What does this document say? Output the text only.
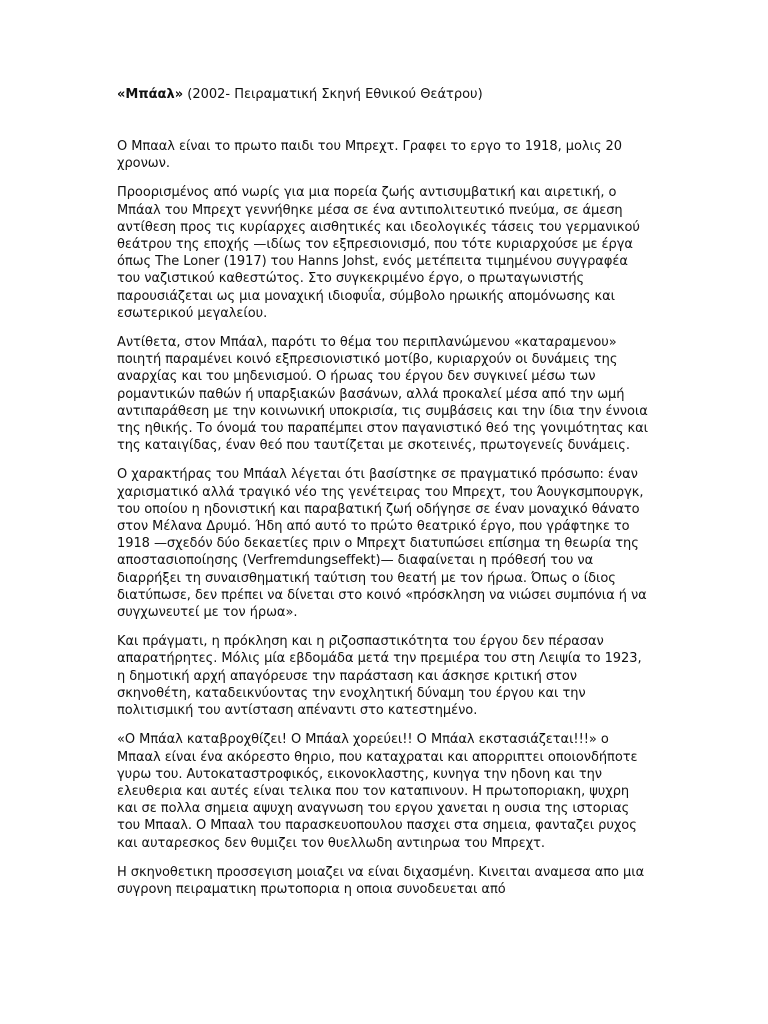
«Μπάαλ» (2002- Πειραματική Σκηνή Εθνικού Θεάτρου)

Ο Μπααλ είναι το πρωτο παιδι του Μπρεχτ. Γραφει το εργο το 1918, μολις 20 χρονων.

Προορισμένος από νωρίς για μια πορεία ζωής αντισυμβατική και αιρετική, ο Μπάαλ του Μπρεχτ γεννήθηκε μέσα σε ένα αντιπολιτευτικό πνεύμα, σε άμεση αντίθεση προς τις κυρίαρχες αισθητικές και ιδεολογικές τάσεις του γερμανικού θεάτρου της εποχής —ιδίως τον εξπρεσιονισμό, που τότε κυριαρχούσε με έργα όπως The Loner (1917) του Hanns Johst, ενός μετέπειτα τιμημένου συγγραφέα του ναζιστικού καθεστώτος. Στο συγκεκριμένο έργο, ο πρωταγωνιστής παρουσιάζεται ως μια μοναχική ιδιοφυΐα, σύμβολο ηρωικής απομόνωσης και εσωτερικού μεγαλείου.

Αντίθετα, στον Μπάαλ, παρότι το θέμα του περιπλανώμενου «καταραμενου» ποιητή παραμένει κοινό εξπρεσιονιστικό μοτίβο, κυριαρχούν οι δυνάμεις της αναρχίας και του μηδενισμού. Ο ήρωας του έργου δεν συγκινεί μέσω των ρομαντικών παθών ή υπαρξιακών βασάνων, αλλά προκαλεί μέσα από την ωμή αντιπαράθεση με την κοινωνική υποκρισία, τις συμβάσεις και την ίδια την έννοια της ηθικής. Το όνομά του παραπέμπει στον παγανιστικό θεό της γονιμότητας και της καταιγίδας, έναν θεό που ταυτίζεται με σκοτεινές, πρωτογενείς δυνάμεις.

Ο χαρακτήρας του Μπάαλ λέγεται ότι βασίστηκε σε πραγματικό πρόσωπο: έναν χαρισματικό αλλά τραγικό νέο της γενέτειρας του Μπρεχτ, του Άουγκσμπουργκ, του οποίου η ηδονιστική και παραβατική ζωή οδήγησε σε έναν μοναχικό θάνατο στον Μέλανα Δρυμό. Ήδη από αυτό το πρώτο θεατρικό έργο, που γράφτηκε το 1918 —σχεδόν δύο δεκαετίες πριν ο Μπρεχτ διατυπώσει επίσημα τη θεωρία της αποστασιοποίησης (Verfremdungseffekt)— διαφαίνεται η πρόθεσή του να διαρρήξει τη συναισθηματική ταύτιση του θεατή με τον ήρωα. Όπως ο ίδιος διατύπωσε, δεν πρέπει να δίνεται στο κοινό «πρόσκληση να νιώσει συμπόνια ή να συγχωνευτεί με τον ήρωα».

Και πράγματι, η πρόκληση και η ριζοσπαστικότητα του έργου δεν πέρασαν απαρατήρητες. Μόλις μία εβδομάδα μετά την πρεμιέρα του στη Λειψία το 1923, η δημοτική αρχή απαγόρευσε την παράσταση και άσκησε κριτική στον σκηνοθέτη, καταδεικνύοντας την ενοχλητική δύναμη του έργου και την πολιτισμική του αντίσταση απέναντι στο κατεστημένο.

«Ο Μπάαλ καταβροχθίζει! Ο Μπάαλ χορεύει!! Ο Μπάαλ εκστασιάζεται!!!» ο Μπααλ είναι ένα ακόρεστο θηριο, που καταχραται και απορριπτει οποιονδήποτε γυρω του. Αυτοκαταστροφικός, εικονοκλαστης, κυνηγα την ηδονη και την ελευθερια και αυτές είναι τελικα που τον καταπινουν. Η πρωτοποριακη, ψυχρη και σε πολλα σημεια αψυχη αναγνωση του εργου χανεται η ουσια της ιστοριας του Μπααλ. Ο Μπααλ του παρασκευοπουλου πασχει στα σημεια, φανταζει ρυχος και αυταρεσκος δεν θυμιζει τον θυελλωδη αντιηρωα του Μπρεχτ.

Η σκηνοθετικη προσσεγιση μοιαζει να είναι διχασμένη. Κινειται αναμεσα απο μια συγρονη πειραματικη πρωτοπορια η οποια συνοδευεται από
